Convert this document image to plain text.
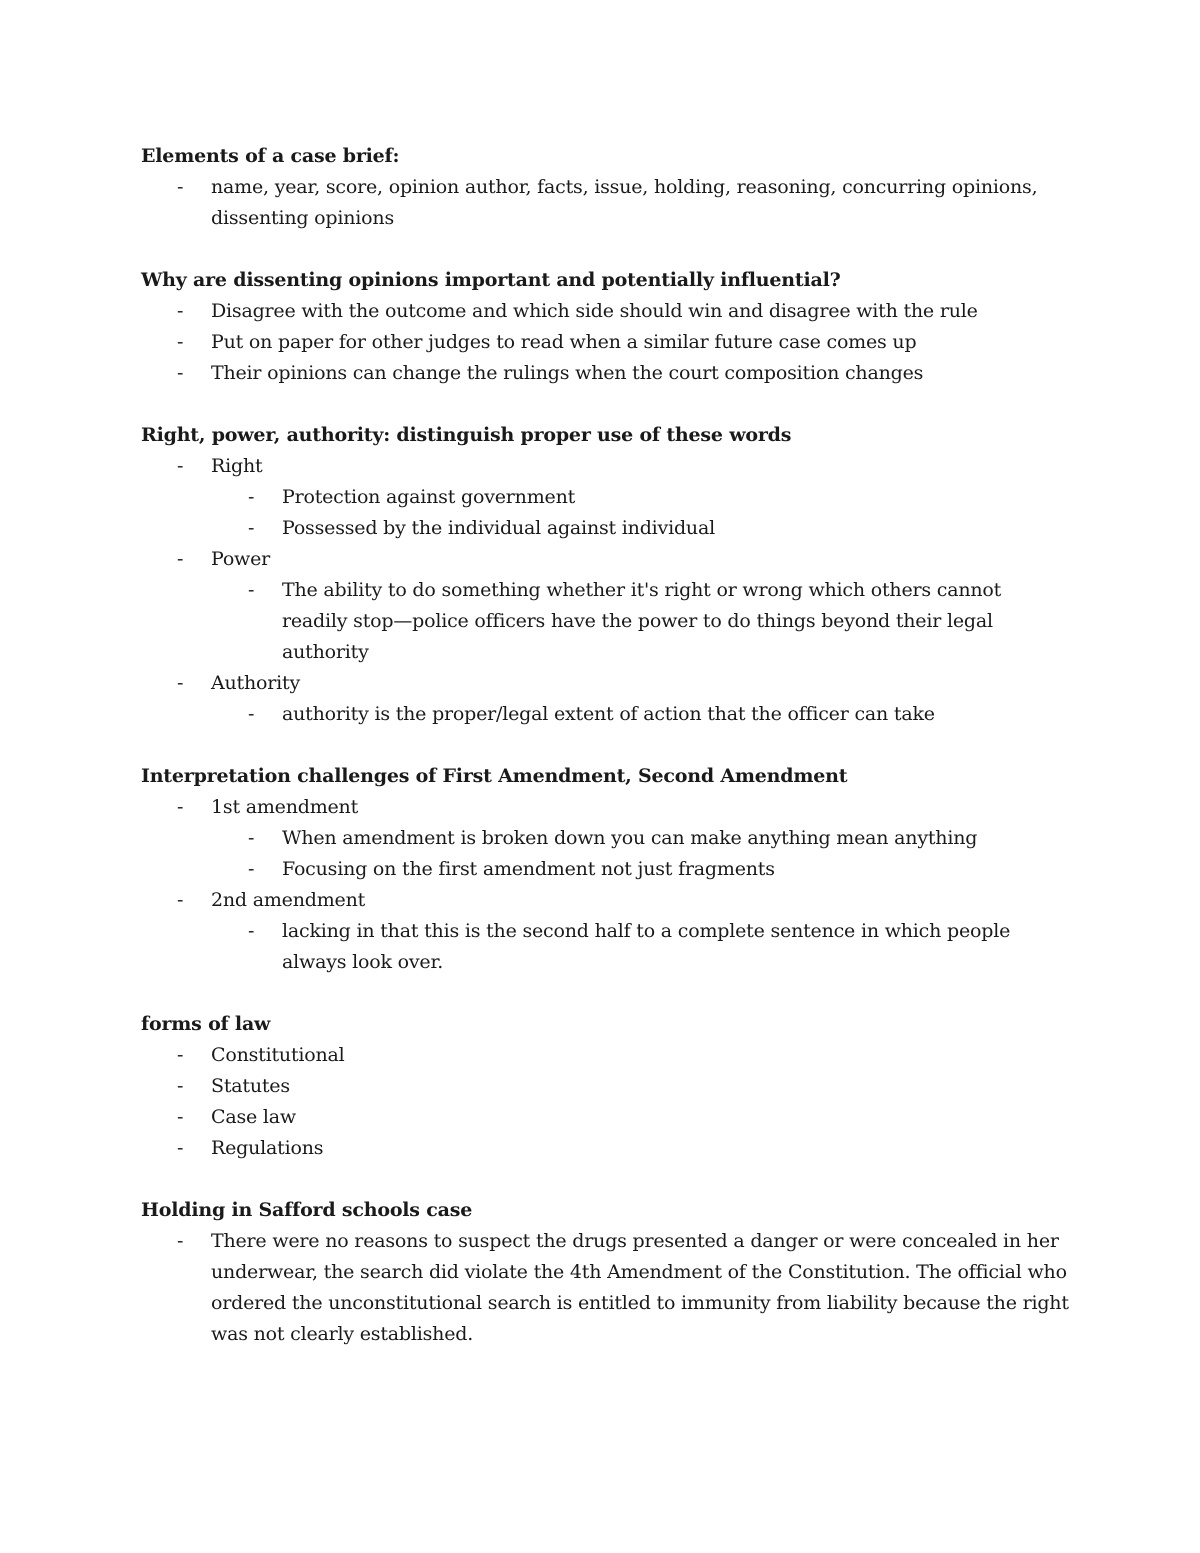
Elements of a case brief:

-	name, year, score, opinion author, facts, issue, holding, reasoning, concurring opinions, dissenting opinions

Why are dissenting opinions important and potentially influential?

-	Disagree with the outcome and which side should win and disagree with the rule
-	Put on paper for other judges to read when a similar future case comes up
-	Their opinions can change the rulings when the court composition changes

Right, power, authority: distinguish proper use of these words

-	Right
-	Protection against government
-	Possessed by the individual against individual
-	Power
-	The ability to do something whether it's right or wrong which others cannot readily stop—police officers have the power to do things beyond their legal authority
-	Authority
-	authority is the proper/legal extent of action that the officer can take

Interpretation challenges of First Amendment, Second Amendment

-	1st amendment
-	When amendment is broken down you can make anything mean anything
-	Focusing on the first amendment not just fragments
-	2nd amendment
-	lacking in that this is the second half to a complete sentence in which people always look over.

forms of law

-	Constitutional
-	Statutes
-	Case law
-	Regulations

Holding in Safford schools case

-	There were no reasons to suspect the drugs presented a danger or were concealed in her underwear, the search did violate the 4th Amendment of the Constitution. The official who ordered the unconstitutional search is entitled to immunity from liability because the right was not clearly established.
